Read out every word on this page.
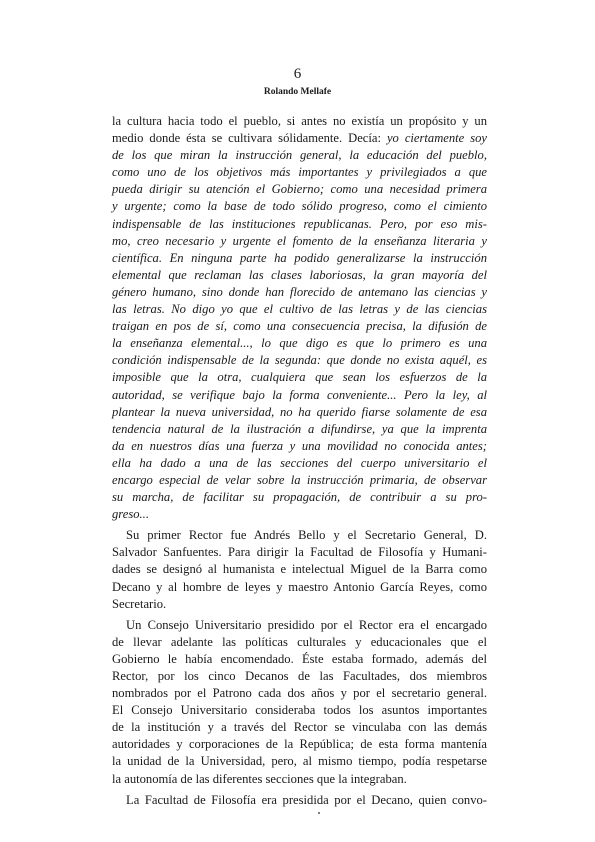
6
Rolando Mellafe
la cultura hacia todo el pueblo, si antes no existía un propósito y un
medio donde ésta se cultivara sólidamente. Decía: yo ciertamente soy
de los que miran la instrucción general, la educación del pueblo,
como uno de los objetivos más importantes y privilegiados a que
pueda dirigir su atención el Gobierno; como una necesidad primera
y urgente; como la base de todo sólido progreso, como el cimiento
indispensable de las instituciones republicanas. Pero, por eso mis-
mo, creo necesario y urgente el fomento de la enseñanza literaria y
científica. En ninguna parte ha podido generalizarse la instrucción
elemental que reclaman las clases laboriosas, la gran mayoría del
género humano, sino donde han florecido de antemano las ciencias y
las letras. No digo yo que el cultivo de las letras y de las ciencias
traigan en pos de sí, como una consecuencia precisa, la difusión de
la enseñanza elemental..., lo que digo es que lo primero es una
condición indispensable de la segunda: que donde no exista aquél, es
imposible que la otra, cualquiera que sean los esfuerzos de la
autoridad, se verifique bajo la forma conveniente... Pero la ley, al
plantear la nueva universidad, no ha querido fiarse solamente de esa
tendencia natural de la ilustración a difundirse, ya que la imprenta
da en nuestros días una fuerza y una movilidad no conocida antes;
ella ha dado a una de las secciones del cuerpo universitario el
encargo especial de velar sobre la instrucción primaria, de observar
su marcha, de facilitar su propagación, de contribuir a su pro-
greso...
Su primer Rector fue Andrés Bello y el Secretario General, D.
Salvador Sanfuentes. Para dirigir la Facultad de Filosofía y Humani-
dades se designó al humanista e intelectual Miguel de la Barra como
Decano y al hombre de leyes y maestro Antonio García Reyes, como
Secretario.
Un Consejo Universitario presidido por el Rector era el encargado
de llevar adelante las políticas culturales y educacionales que el
Gobierno le había encomendado. Éste estaba formado, además del
Rector, por los cinco Decanos de las Facultades, dos miembros
nombrados por el Patrono cada dos años y por el secretario general.
El Consejo Universitario consideraba todos los asuntos importantes
de la institución y a través del Rector se vinculaba con las demás
autoridades y corporaciones de la República; de esta forma mantenía
la unidad de la Universidad, pero, al mismo tiempo, podía respetarse
la autonomía de las diferentes secciones que la integraban.
La Facultad de Filosofía era presidida por el Decano, quien convo-
